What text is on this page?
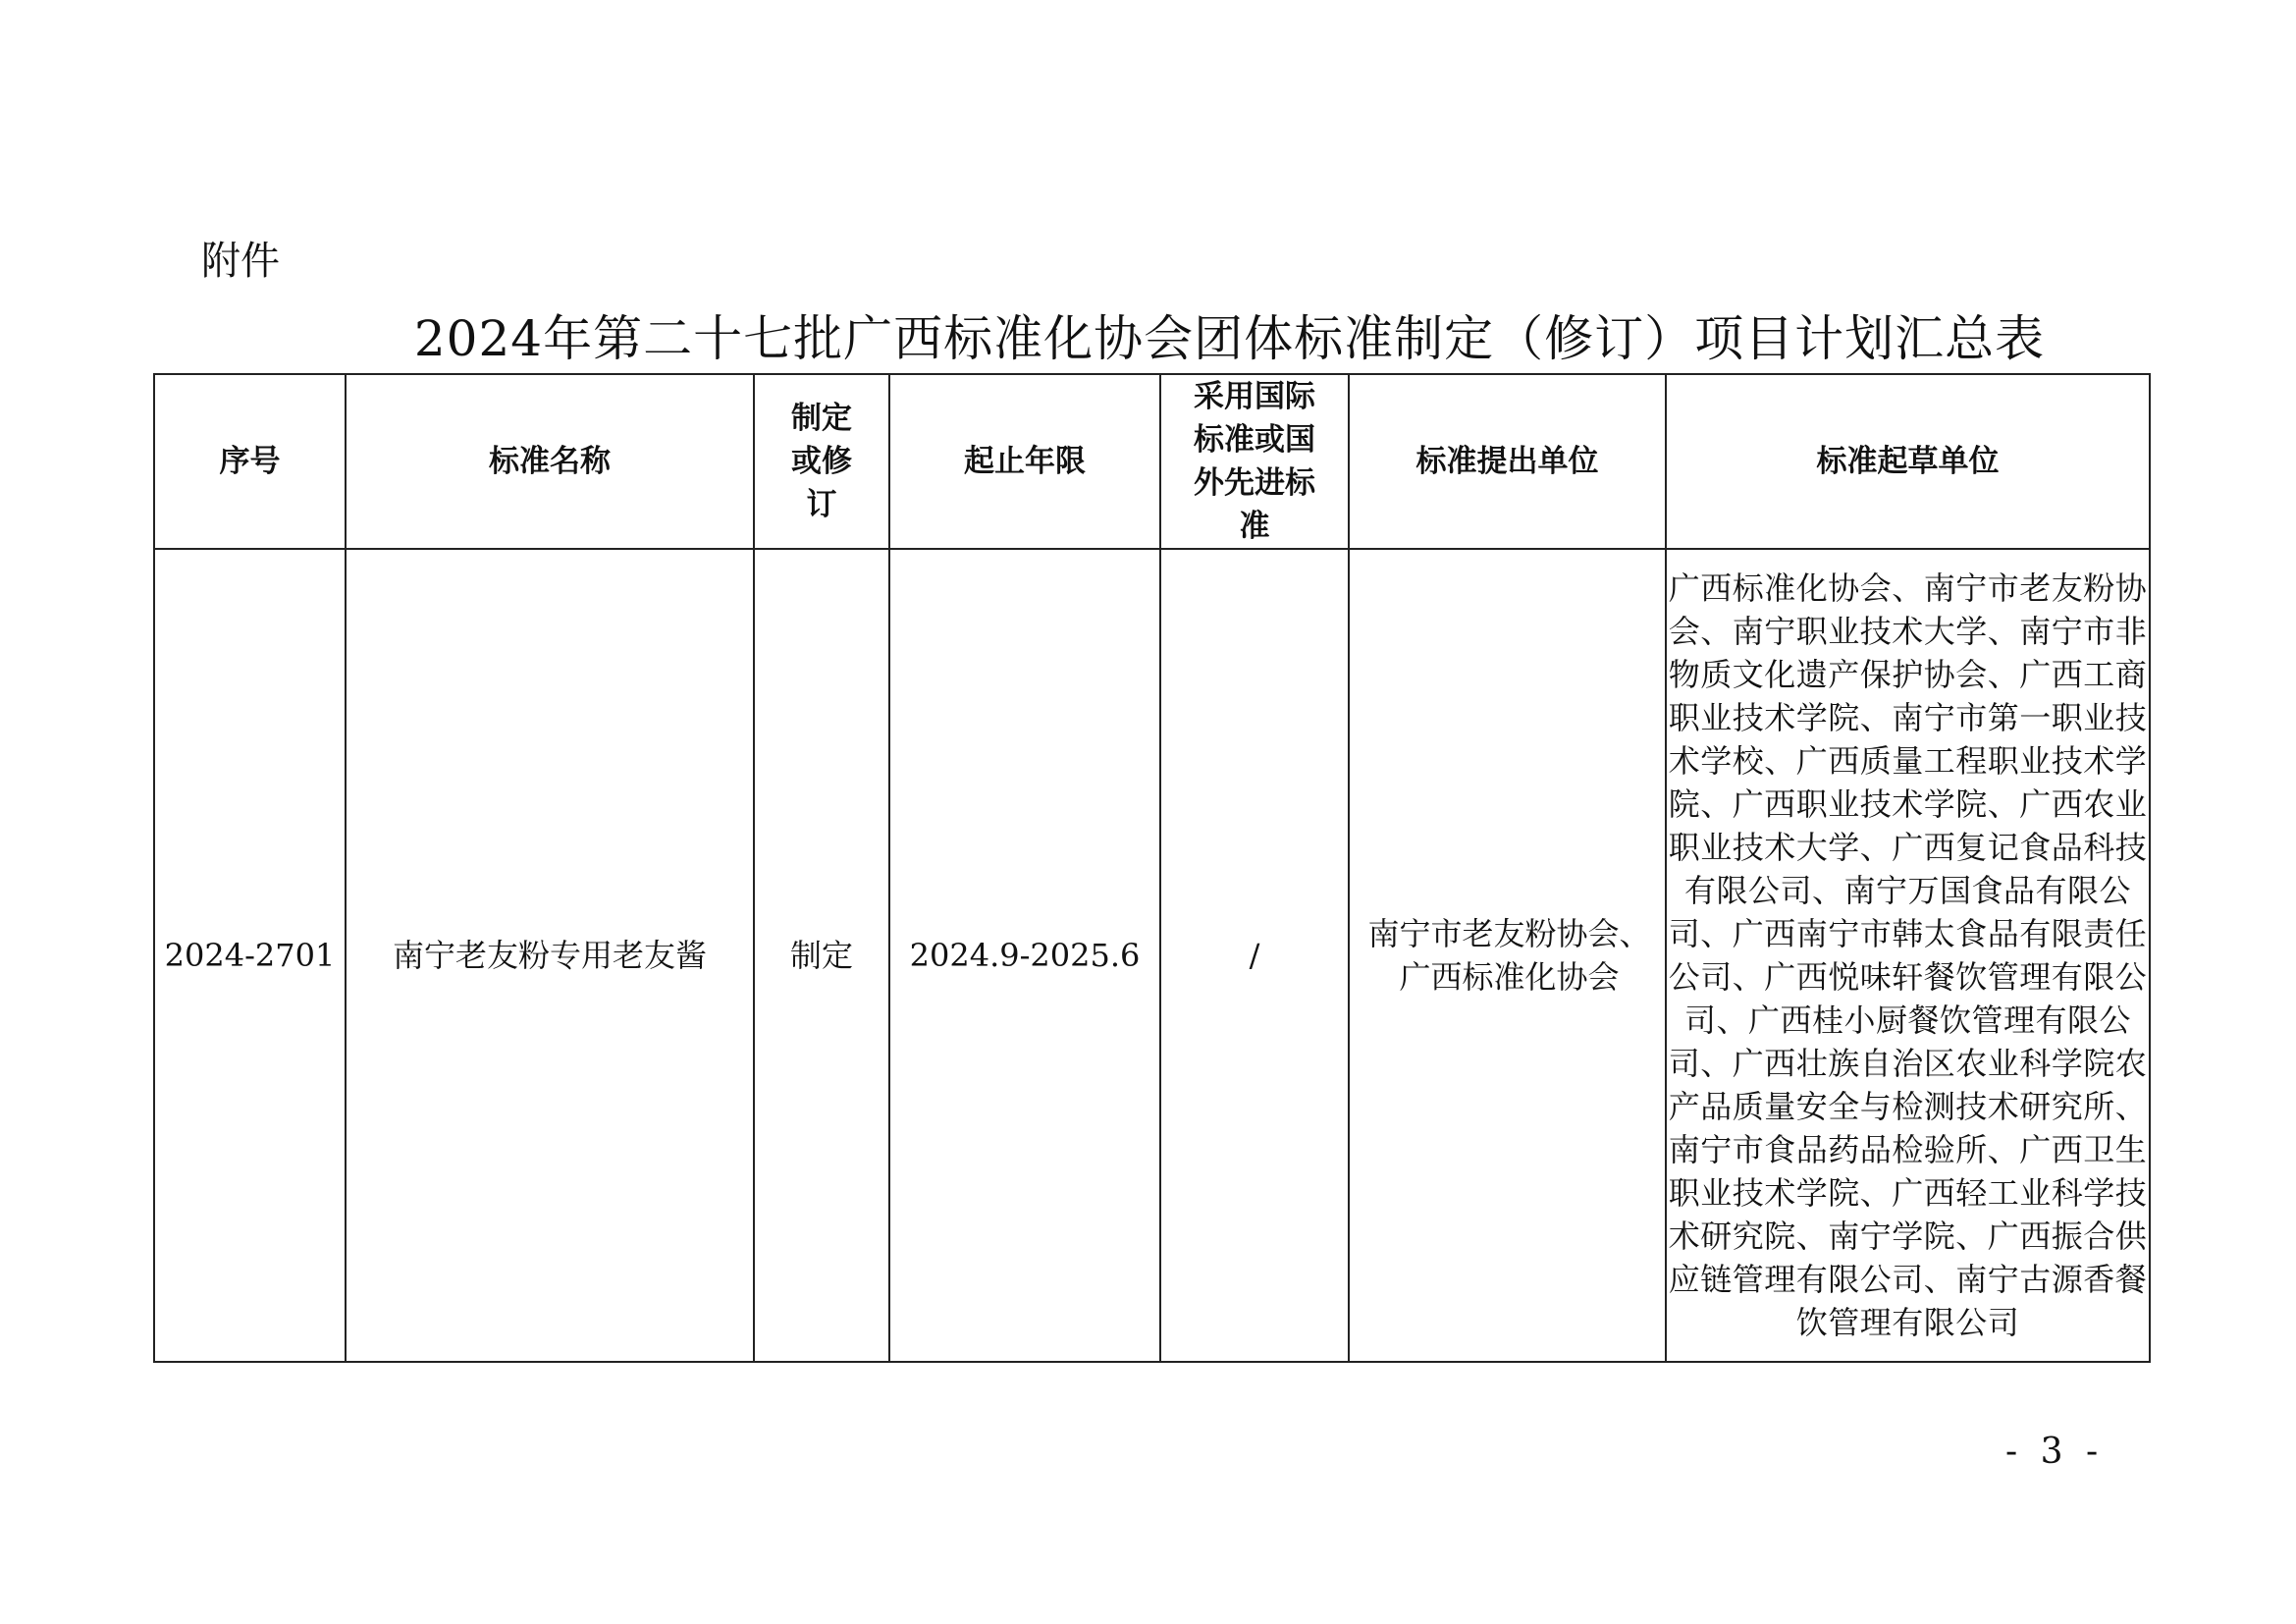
附件
2024年第二十七批广西标准化协会团体标准制定（修订）项目计划汇总表
序号	标准名称	制定或修订	起止年限	采用国际标准或国外先进标准	标准提出单位	标准起草单位
2024-2701	南宁老友粉专用老友酱	制定	2024.9-2025.6	/	南宁市老友粉协会、广西标准化协会	广西标准化协会、南宁市老友粉协会、南宁职业技术大学、南宁市非物质文化遗产保护协会、广西工商职业技术学院、南宁市第一职业技术学校、广西质量工程职业技术学院、广西职业技术学院、广西农业职业技术大学、广西复记食品科技有限公司、南宁万国食品有限公司、广西南宁市韩太食品有限责任公司、广西悦味轩餐饮管理有限公司、广西桂小厨餐饮管理有限公司、广西壮族自治区农业科学院农产品质量安全与检测技术研究所、南宁市食品药品检验所、广西卫生职业技术学院、广西轻工业科学技术研究院、南宁学院、广西振合供应链管理有限公司、南宁古源香餐饮管理有限公司
- 3 -
